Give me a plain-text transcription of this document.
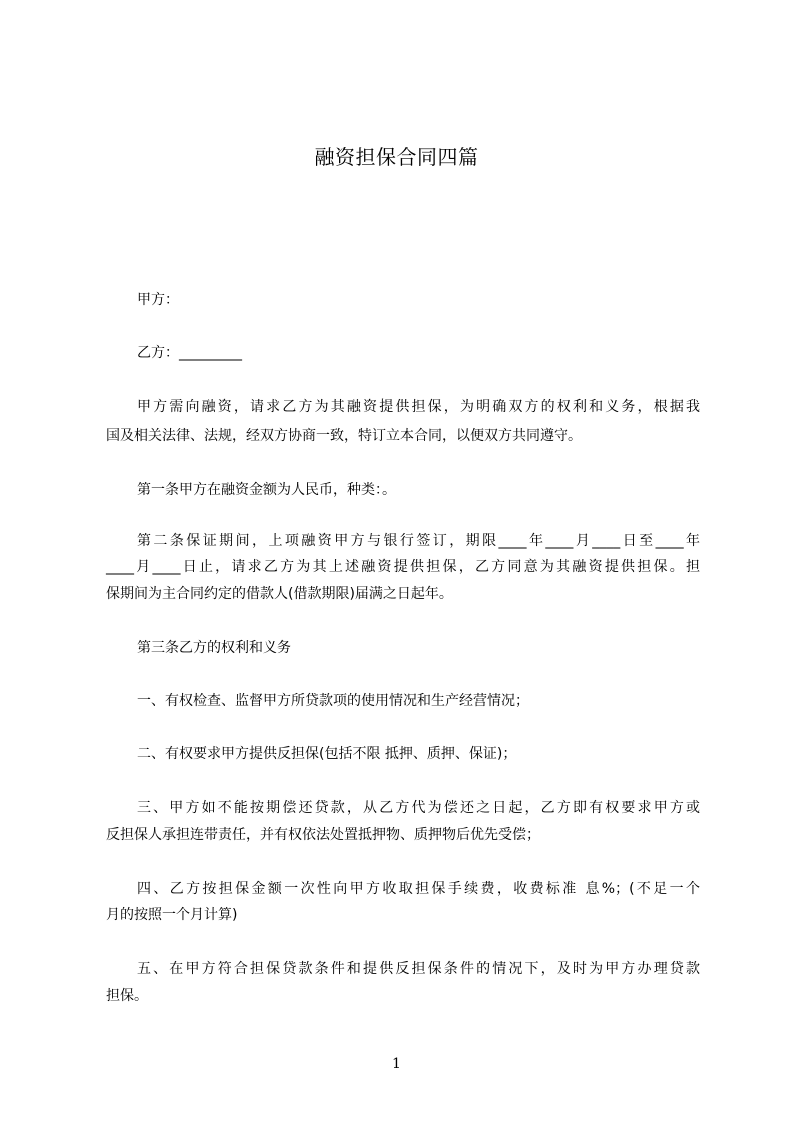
融资担保合同四篇
甲方：
乙方：_________
甲方需向融资，请求乙方为其融资提供担保，为明确双方的权利和义务，根据我
国及相关法律、法规，经双方协商一致，特订立本合同，以便双方共同遵守。
第一条甲方在融资金额为人民币，种类：。
第二条保证期间，上项融资甲方与银行签订，期限____年____月____日至____年
____月____日止，请求乙方为其上述融资提供担保，乙方同意为其融资提供担保。担
保期间为主合同约定的借款人(借款期限)届满之日起年。
第三条乙方的权利和义务
一、有权检查、监督甲方所贷款项的使用情况和生产经营情况；
二、有权要求甲方提供反担保(包括不限 抵押、质押、保证)；
三、甲方如不能按期偿还贷款，从乙方代为偿还之日起，乙方即有权要求甲方或
反担保人承担连带责任，并有权依法处置抵押物、质押物后优先受偿；
四、乙方按担保金额一次性向甲方收取担保手续费，收费标准 息%；(不足一个
月的按照一个月计算)
五、在甲方符合担保贷款条件和提供反担保条件的情况下，及时为甲方办理贷款
担保。
1
